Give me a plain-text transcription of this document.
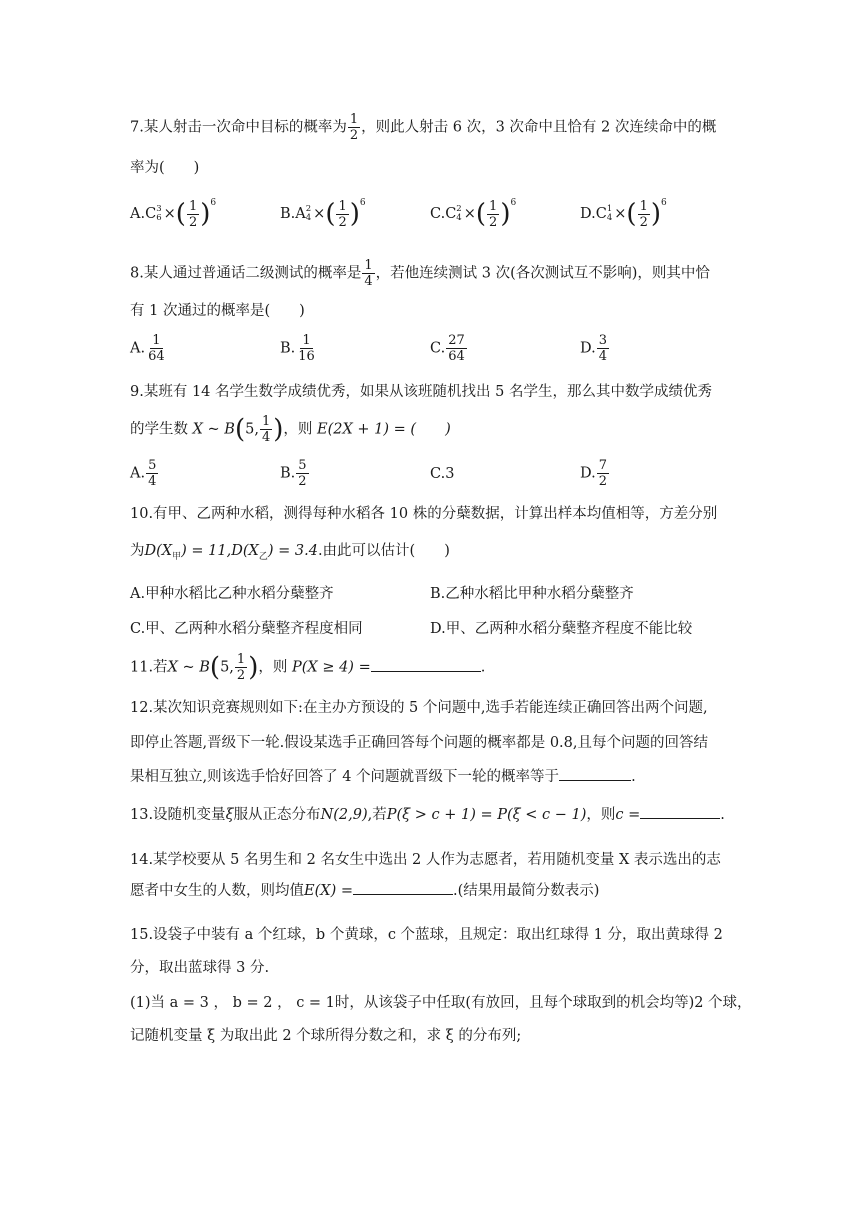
7.某人射击一次命中目标的概率为 $\frac{1}{2}$ ，则此人射击 6 次，3 次命中且恰有 2 次连续命中的概
率为(　　)
A.C 3
6 ×( $\frac{1}{2} )^6$
B.A 2
4 ×( $\frac{1}{2} )^6$
C.C 2
4 ×( $\frac{1}{2} )^6$
D.C 1
4 ×( $\frac{1}{2} )^6$
8.某人通过普通话二级测试的概率是 $\frac{1}{4}$ ，若他连续测试 3 次(各次测试互不影响)，则其中恰
有 1 次通过的概率是(　　)
A. $\frac{1}{64}$	B. $\frac{1}{16}$	C. $\frac{27}{64}$	D. $\frac{3}{4}$
9.某班有 14 名学生数学成绩优秀，如果从该班随机找出 5 名学生，那么其中数学成绩优秀
的学生数 X ~ B(5, $\frac{1}{4}$ )，则 E(2X + 1) = (　　)
A. $\frac{5}{4}$	B. $\frac{5}{2}$	C.3	D. $\frac{7}{2}$
10.有甲、乙两种水稻，测得每种水稻各 10 株的分蘖数据，计算出样本均值相等，方差分别
为$D(X_甲) = 11,D(X_乙) = 3.4$.由此可以估计(　　)
A.甲种水稻比乙种水稻分蘖整齐	B.乙种水稻比甲种水稻分蘖整齐
C.甲、乙两种水稻分蘖整齐程度相同	D.甲、乙两种水稻分蘖整齐程度不能比较
11.若X ~ B(5, $\frac{1}{2}$ )，则 P(X ≥ 4) =	.
12.某次知识竞赛规则如下:在主办方预设的 5 个问题中,选手若能连续正确回答出两个问题,
即停止答题,晋级下一轮.假设某选手正确回答每个问题的概率都是 0.8,且每个问题的回答结
果相互独立,则该选手恰好回答了 4 个问题就晋级下一轮的概率等于	.
13.设随机变量ξ服从正态分布N(2,9),若P(ξ > c + 1) = P(ξ < c − 1)，则c =	.
14.某学校要从 5 名男生和 2 名女生中选出 2 人作为志愿者，若用随机变量 X 表示选出的志
愿者中女生的人数，则均值E(X) =	.(结果用最简分数表示)
15.设袋子中装有 a 个红球，b 个黄球，c 个蓝球，且规定：取出红球得 1 分，取出黄球得 2
分，取出蓝球得 3 分.
(1)当 a = 3 ， b = 2 ， c = 1时，从该袋子中任取(有放回，且每个球取到的机会均等)2 个球，
记随机变量 ξ 为取出此 2 个球所得分数之和，求 ξ 的分布列;
